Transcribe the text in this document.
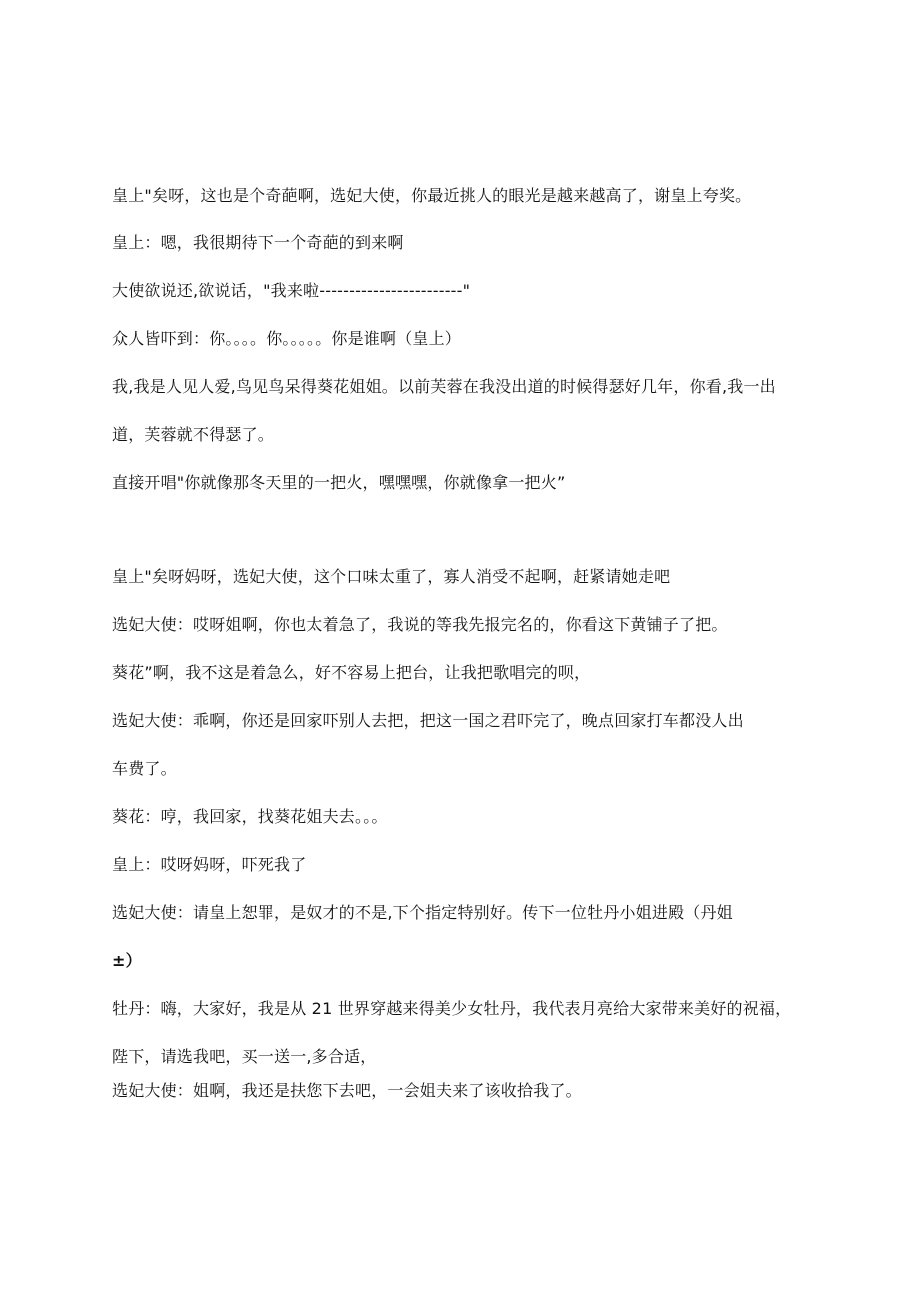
皇上"矣呀，这也是个奇葩啊，选妃大使，你最近挑人的眼光是越来越高了，谢皇上夸奖。
皇上：嗯，我很期待下一个奇葩的到来啊
大使欲说还,欲说话，"我来啦------------------------"
众人皆吓到：你。。。。你。。。。。你是谁啊（皇上）
我,我是人见人爱,鸟见鸟呆得葵花姐姐。以前芙蓉在我没出道的时候得瑟好几年，你看,我一出
道，芙蓉就不得瑟了。
直接开唱"你就像那冬天里的一把火，嘿嘿嘿，你就像拿一把火”
皇上"矣呀妈呀，选妃大使，这个口味太重了，寡人消受不起啊，赶紧请她走吧
选妃大使：哎呀姐啊，你也太着急了，我说的等我先报完名的，你看这下黄铺子了把。
葵花”啊，我不这是着急么，好不容易上把台，让我把歌唱完的呗，
选妃大使：乖啊，你还是回家吓别人去把，把这一国之君吓完了，晚点回家打车都没人出
车费了。
葵花：哼，我回家，找葵花姐夫去。。。
皇上：哎呀妈呀，吓死我了
选妃大使：请皇上恕罪，是奴才的不是,下个指定特别好。传下一位牡丹小姐进殿（丹姐
±）
牡丹：嗨，大家好，我是从 21 世界穿越来得美少女牡丹，我代表月亮给大家带来美好的祝福，
陛下，请选我吧，买一送一,多合适，
选妃大使：姐啊，我还是扶您下去吧，一会姐夫来了该收拾我了。
